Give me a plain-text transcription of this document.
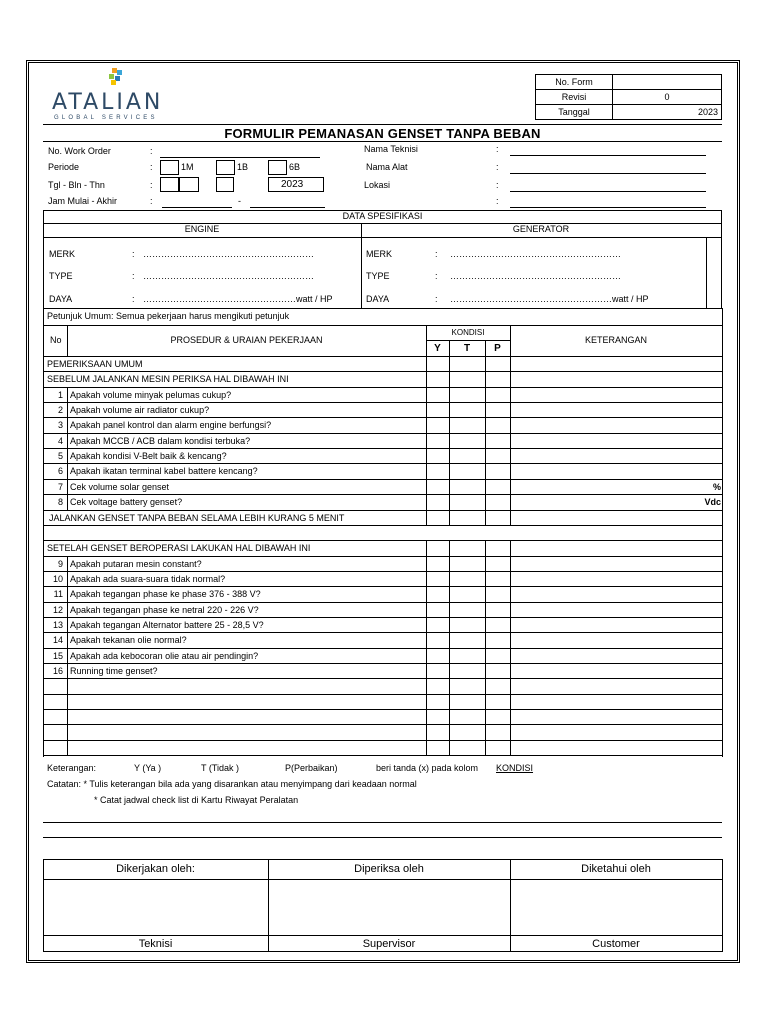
ATALIAN
GLOBAL SERVICES
No. Form	
Revisi	0
Tanggal	2023
FORMULIR PEMANASAN GENSET TANPA BEBAN
No. Work Order	:
Periode	:	1M	1B	6B
Tgl - Bln - Thn	:	2023
Jam Mulai - Akhir	:	-
Nama Teknisi	:
Nama Alat	:
Lokasi	:
:
DATA SPESIFIKASI
ENGINE	GENERATOR
MERK	: …………………………………………………
TYPE	: …………………………………………………
DAYA	: ……………………………………………watt / HP
MERK	: …………………………………………………
TYPE	: …………………………………………………
DAYA	: ………………………………………………watt / HP
Petunjuk Umum: Semua pekerjaan harus mengikuti petunjuk
No	PROSEDUR & URAIAN PEKERJAAN
KONDISI
Y	T	P
KETERANGAN
PEMERIKSAAN UMUM
SEBELUM JALANKAN MESIN PERIKSA HAL DIBAWAH INI
1 Apakah volume minyak pelumas cukup?
2 Apakah volume air radiator cukup?
3 Apakah panel kontrol dan alarm engine berfungsi?
4 Apakah MCCB / ACB dalam kondisi terbuka?
5 Apakah kondisi V-Belt baik & kencang?
6 Apakah ikatan terminal kabel battere kencang?
7 Cek volume solar genset	%
8 Cek voltage battery genset?	Vdc
JALANKAN GENSET TANPA BEBAN SELAMA LEBIH KURANG 5 MENIT
SETELAH GENSET BEROPERASI LAKUKAN HAL DIBAWAH INI
9 Apakah putaran mesin constant?
10 Apakah ada suara-suara tidak normal?
11 Apakah tegangan phase ke phase 376 - 388 V?
12 Apakah tegangan phase ke netral 220 - 226 V?
13 Apakah tegangan Alternator battere 25 - 28,5 V?
14 Apakah tekanan olie normal?
15 Apakah ada kebocoran olie atau air pendingin?
16 Running time genset?
Keterangan:	Y (Ya )	T (Tidak )	P(Perbaikan)	beri tanda (x) pada kolom KONDISI
Catatan: * Tulis keterangan bila ada yang disarankan atau menyimpang dari keadaan normal
* Catat jadwal check list di Kartu Riwayat Peralatan
Dikerjakan oleh:	Diperiksa oleh	Diketahui oleh
Teknisi	Supervisor	Customer
